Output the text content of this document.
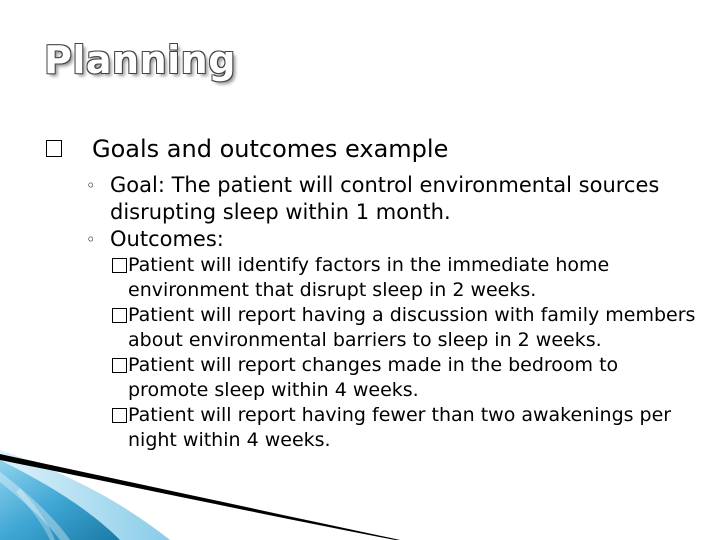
Planning
Goals and outcomes example
◦ Goal: The patient will control environmental sources disrupting sleep within 1 month.
◦ Outcomes:
Patient will identify factors in the immediate home environment that disrupt sleep in 2 weeks.
Patient will report having a discussion with family members about environmental barriers to sleep in 2 weeks.
Patient will report changes made in the bedroom to promote sleep within 4 weeks.
Patient will report having fewer than two awakenings per night within 4 weeks.
